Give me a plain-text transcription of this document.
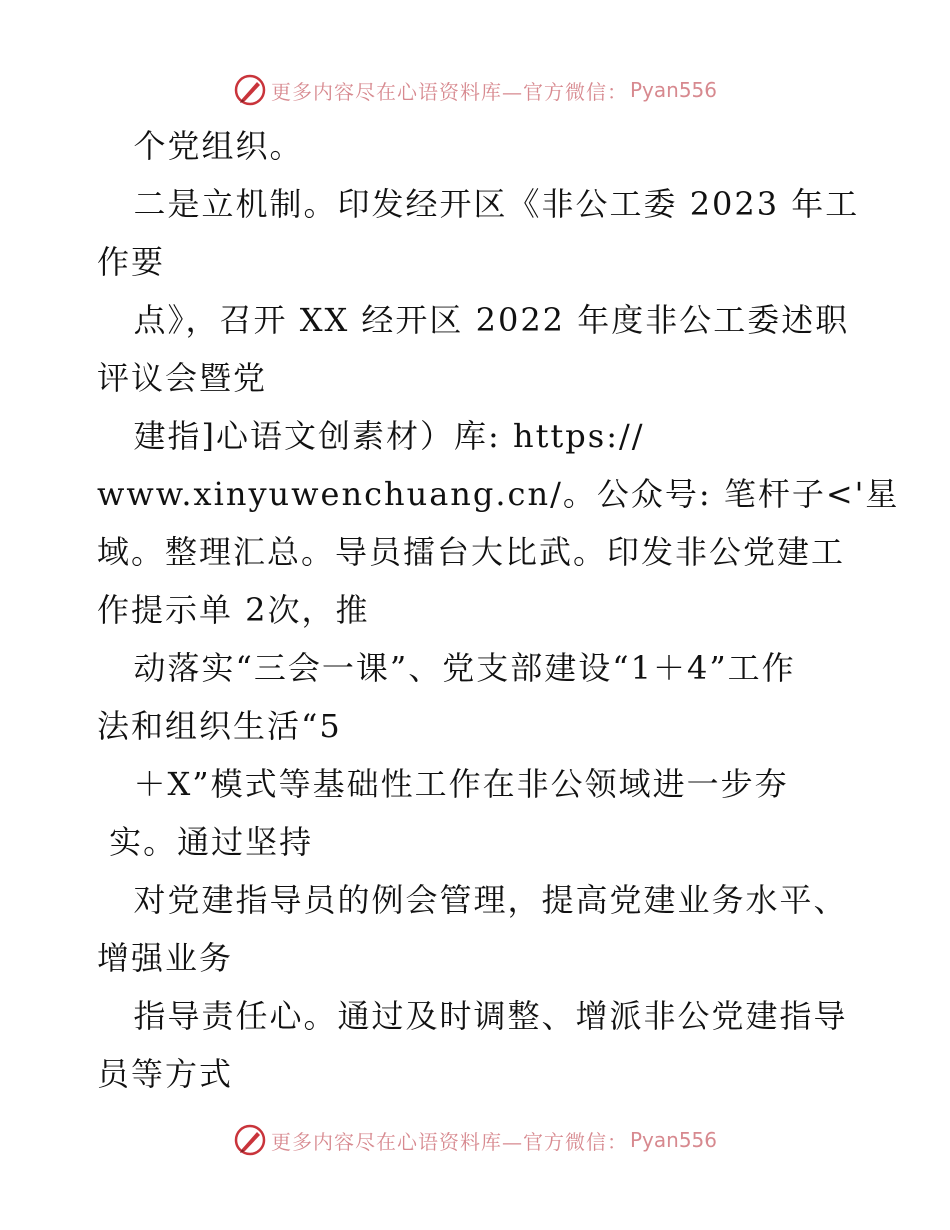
更多内容尽在心语资料库—官方微信： Pyan556
个党组织。
二是立机制。印发经开区《非公工委 2023 年工
作要
点》，召开 XX 经开区 2022 年度非公工委述职
评议会暨党
建指]心语文创素材）库: https://
www.xinyuwenchuang.cn/。公众号: 笔杆子<'星
域。整理汇总。导员擂台大比武。印发非公党建工
作提示单 2次，推
动落实“三会一课”、党支部建设“1＋4”工作
法和组织生活“5
＋X”模式等基础性工作在非公领域进一步夯
实。通过坚持
对党建指导员的例会管理，提高党建业务水平、
增强业务
指导责任心。通过及时调整、增派非公党建指导
员等方式
更多内容尽在心语资料库—官方微信： Pyan556
